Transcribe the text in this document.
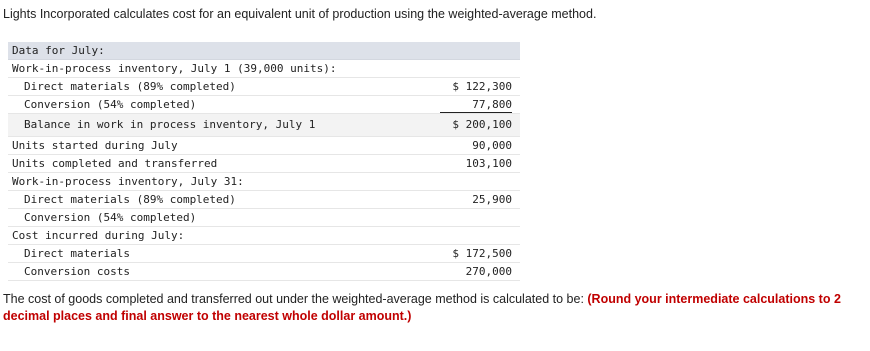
Lights Incorporated calculates cost for an equivalent unit of production using the weighted-average method.
Data for July:
Work-in-process inventory, July 1 (39,000 units):
Direct materials (89% completed)	$ 122,300
Conversion (54% completed)	77,800
Balance in work in process inventory, July 1	$ 200,100
Units started during July	90,000
Units completed and transferred	103,100
Work-in-process inventory, July 31:
Direct materials (89% completed)	25,900
Conversion (54% completed)
Cost incurred during July:
Direct materials	$ 172,500
Conversion costs	270,000
The cost of goods completed and transferred out under the weighted-average method is calculated to be: (Round your intermediate calculations to 2 decimal places and final answer to the nearest whole dollar amount.)
